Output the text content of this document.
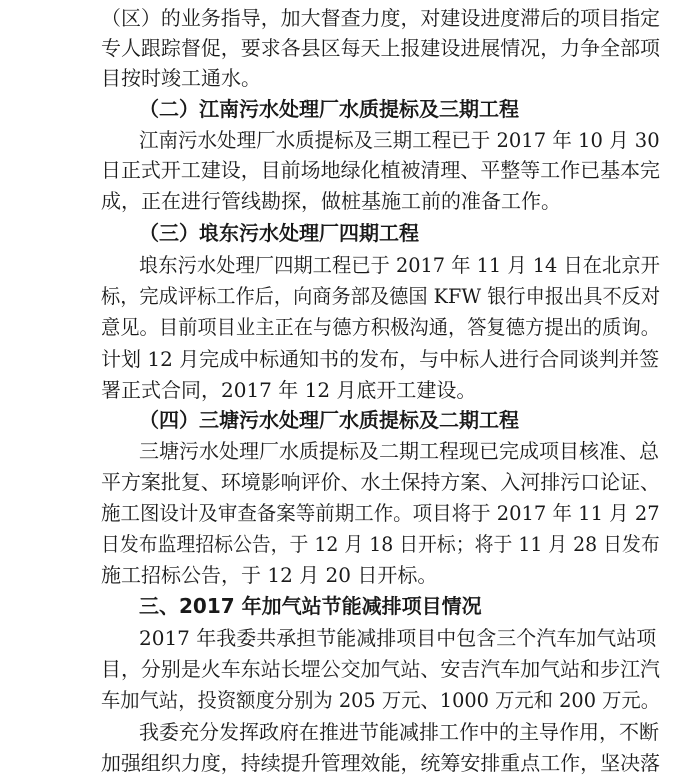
（区）的业务指导，加大督查力度，对建设进度滞后的项目指定
专人跟踪督促，要求各县区每天上报建设进展情况，力争全部项
目按时竣工通水。
（二）江南污水处理厂水质提标及三期工程
江南污水处理厂水质提标及三期工程已于 2017 年 10 月 30
日正式开工建设，目前场地绿化植被清理、平整等工作已基本完
成，正在进行管线勘探，做桩基施工前的准备工作。
（三）埌东污水处理厂四期工程
埌东污水处理厂四期工程已于 2017 年 11 月 14 日在北京开
标，完成评标工作后，向商务部及德国 KFW 银行申报出具不反对
意见。目前项目业主正在与德方积极沟通，答复德方提出的质询。
计划 12 月完成中标通知书的发布，与中标人进行合同谈判并签
署正式合同，2017 年 12 月底开工建设。
（四）三塘污水处理厂水质提标及二期工程
三塘污水处理厂水质提标及二期工程现已完成项目核准、总
平方案批复、环境影响评价、水土保持方案、入河排污口论证、
施工图设计及审查备案等前期工作。项目将于 2017 年 11 月 27
日发布监理招标公告，于 12 月 18 日开标；将于 11 月 28 日发布
施工招标公告，于 12 月 20 日开标。
三、2017 年加气站节能减排项目情况
2017 年我委共承担节能减排项目中包含三个汽车加气站项
目，分别是火车东站长堽公交加气站、安吉汽车加气站和步江汽
车加气站，投资额度分别为 205 万元、1000 万元和 200 万元。
我委充分发挥政府在推进节能减排工作中的主导作用，不断
加强组织力度，持续提升管理效能，统筹安排重点工作，坚决落
